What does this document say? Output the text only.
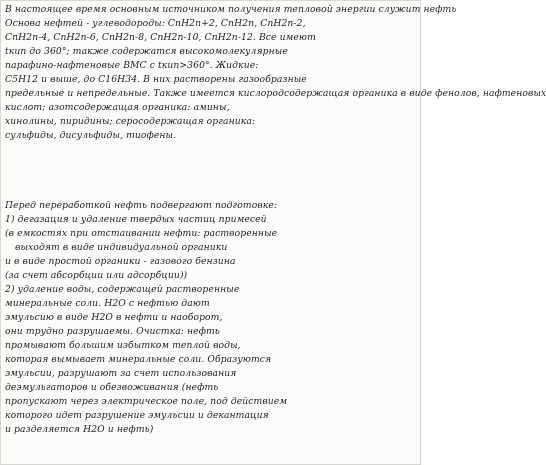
В настоящее время основным источником получения тепловой энергии служит нефть
Основа нефтей - углеводороды: CnH2n+2, CnH2n, CnH2n-2,
CnH2n-4, CnH2n-6, CnH2n-8, CnH2n-10, CnH2n-12. Все имеют
tкип до 360°; также содержатся высокомолекулярные
парафино-нафтеновые ВМС с tкип>360°. Жидкие:
C5H12 и выше, до C16H34. В них растворены газообразные
предельные и непредельные. Также имеется кислородсодержащая органика в виде фенолов, нафтеновых
кислот; азотсодержащая органика: амины,
хинолины, пиридины; серосодержащая органика:
сульфиды, дисульфиды, тиофены.
Перед переработкой нефть подвергают подготовке:
1) дегазация и удаление твердых частиц примесей
(в емкостях при отстаивании нефти: растворенные
выходят в виде индивидуальной органики
и в виде простой органики - газового бензина
(за счет абсорбции или адсорбции))
2) удаление воды, содержащей растворенные
минеральные соли. H2O с нефтью дают
эмульсию в виде H2O в нефти и наоборот,
они трудно разрушаемы. Очистка: нефть
промывают большим избытком теплой воды,
которая вымывает минеральные соли. Образуются
эмульсии, разрушают за счет использования
деэмульгаторов и обезвоживания (нефть
пропускают через электрическое поле, под действием
которого идет разрушение эмульсии и декантация
и разделяется H2O и нефть)
